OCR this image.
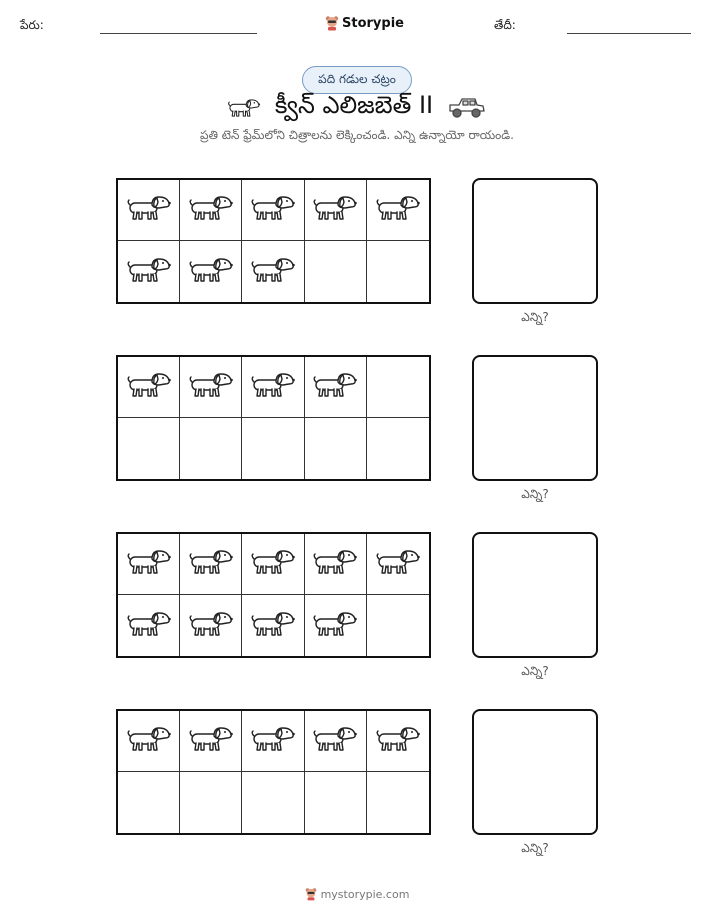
పేరు:	Storypie	తేదీ:
పది గడుల చట్రం
క్వీన్ ఎలిజబెత్ II
ప్రతి టెన్ ఫ్రేమ్‌లోని చిత్రాలను లెక్కించండి. ఎన్ని ఉన్నాయో రాయండి.
ఎన్ని?
ఎన్ని?
ఎన్ని?
ఎన్ని?
mystorypie.com
